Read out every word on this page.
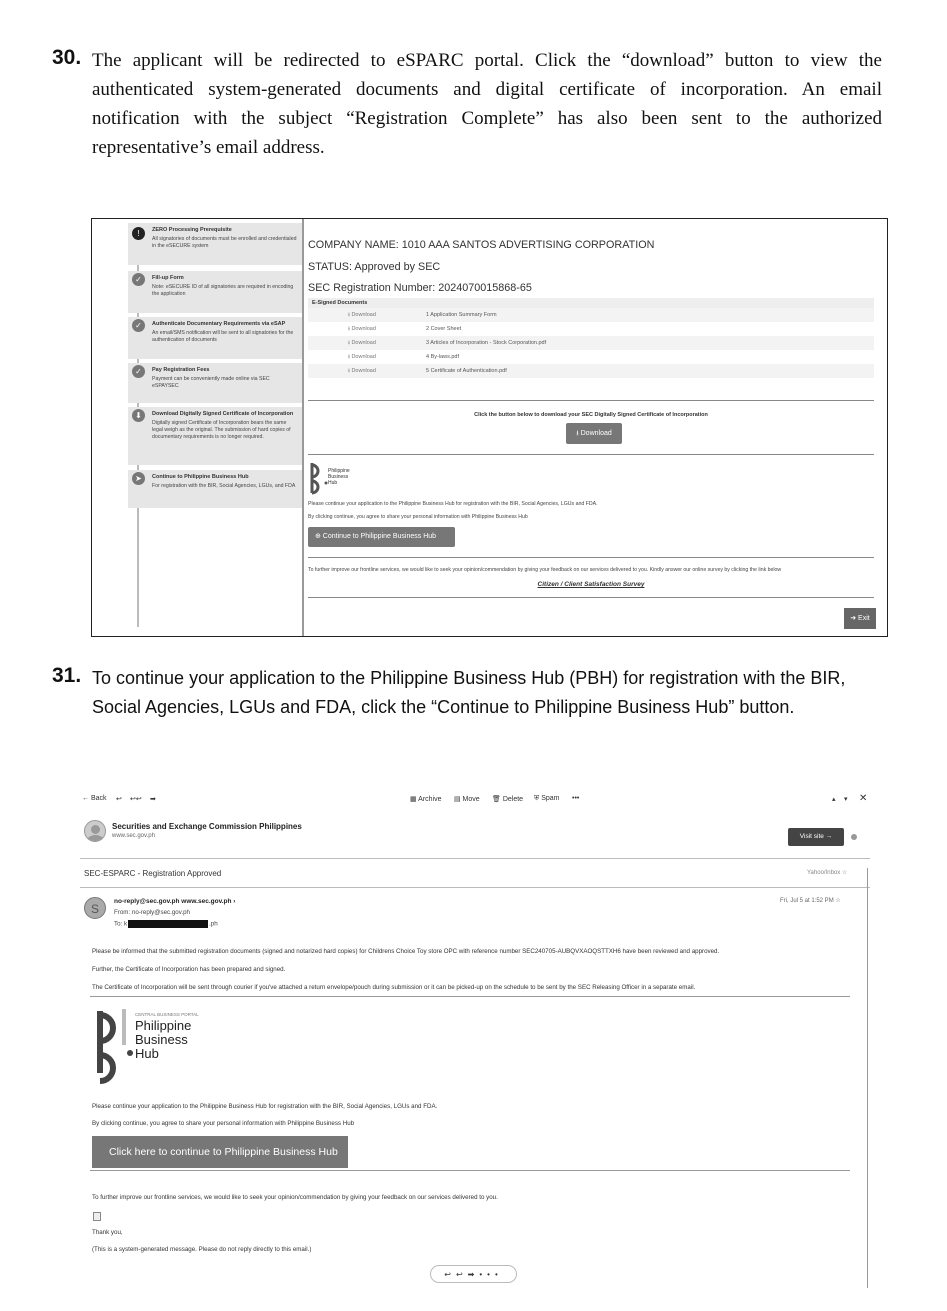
30. The applicant will be redirected to eSPARC portal. Click the “download” button to view the authenticated system-generated documents and digital certificate of incorporation. An email notification with the subject “Registration Complete” has also been sent to the authorized representative’s email address.
!	ZERO Processing Prerequisite
All signatories of documents must be enrolled and credentialed in the eSECURE system
✓	Fill-up Form
Note: eSECURE ID of all signatories are required in encoding the application
✓	Authenticate Documentary Requirements via eSAP
An email/SMS notification will be sent to all signatories for the authentication of documents
✓	Pay Registration Fees
Payment can be conveniently made online via SEC eSPAYSEC
⬇	Download Digitally Signed Certificate of Incorporation
Digitally signed Certificate of Incorporation bears the same legal weigh as the original. The submission of hard copies of documentary requirements is no longer required.
➤	Continue to Philippine Business Hub
For registration with the BIR, Social Agencies, LGUs, and FDA
COMPANY NAME: 1010 AAA SANTOS ADVERTISING CORPORATION
STATUS: Approved by SEC
SEC Registration Number: 2024070015868-65
E-Signed Documents
⭳ Download	1 Application Summary Form
⭳ Download	2 Cover Sheet
⭳ Download	3 Articles of Incorporation - Stock Corporation.pdf
⭳ Download	4 By-laws.pdf
⭳ Download	5 Certificate of Authentication.pdf
Click the button below to download your SEC Digitally Signed Certificate of Incorporation
⭳ Download
Philippine
Business
Hub
Please continue your application to the Philippine Business Hub for registration with the BIR, Social Agencies, LGUs and FDA.
By clicking continue, you agree to share your personal information with Philippine Business Hub
⊕ Continue to Philippine Business Hub
To further improve our frontline services, we would like to seek your opinion/commendation by giving your feedback on our services delivered to you. Kindly answer our online survey by clicking the link below
Citizen / Client Satisfaction Survey
➜ Exit
31. To continue your application to the Philippine Business Hub (PBH) for registration with the BIR, Social Agencies, LGUs and FDA, click the “Continue to Philippine Business Hub” button.
← Back ↩ ↩↩ ➡	▦ Archive ▤ Move 🗑 Delete ⛨ Spam •••	▴ ▾ ✕
Securities and Exchange Commission Philippines
www.sec.gov.ph	Visit site →
SEC-ESPARC - Registration Approved	Yahoo/Inbox ☆
S
no-reply@sec.gov.ph www.sec.gov.ph ›
From: no-reply@sec.gov.ph
To: k	.ph
Fri, Jul 5 at 1:52 PM ☆
Please be informed that the submitted registration documents (signed and notarized hard copies) for Childrens Choice Toy store OPC with reference number SEC240705-AUBQVXAOQSTTXH6 have been reviewed and approved.
Further, the Certificate of Incorporation has been prepared and signed.
The Certificate of Incorporation will be sent through courier if you've attached a return envelope/pouch during submission or it can be picked-up on the schedule to be sent by the SEC Releasing Officer in a separate email.
CENTRAL BUSINESS PORTAL
Philippine
Business
Hub
Please continue your application to the Philippine Business Hub for registration with the BIR, Social Agencies, LGUs and FDA.
By clicking continue, you agree to share your personal information with Philippine Business Hub
Click here to continue to Philippine Business Hub
To further improve our frontline services, we would like to seek your opinion/commendation by giving your feedback on our services delivered to you.
Thank you,
(This is a system-generated message. Please do not reply directly to this email.)
↩↩➡•••
